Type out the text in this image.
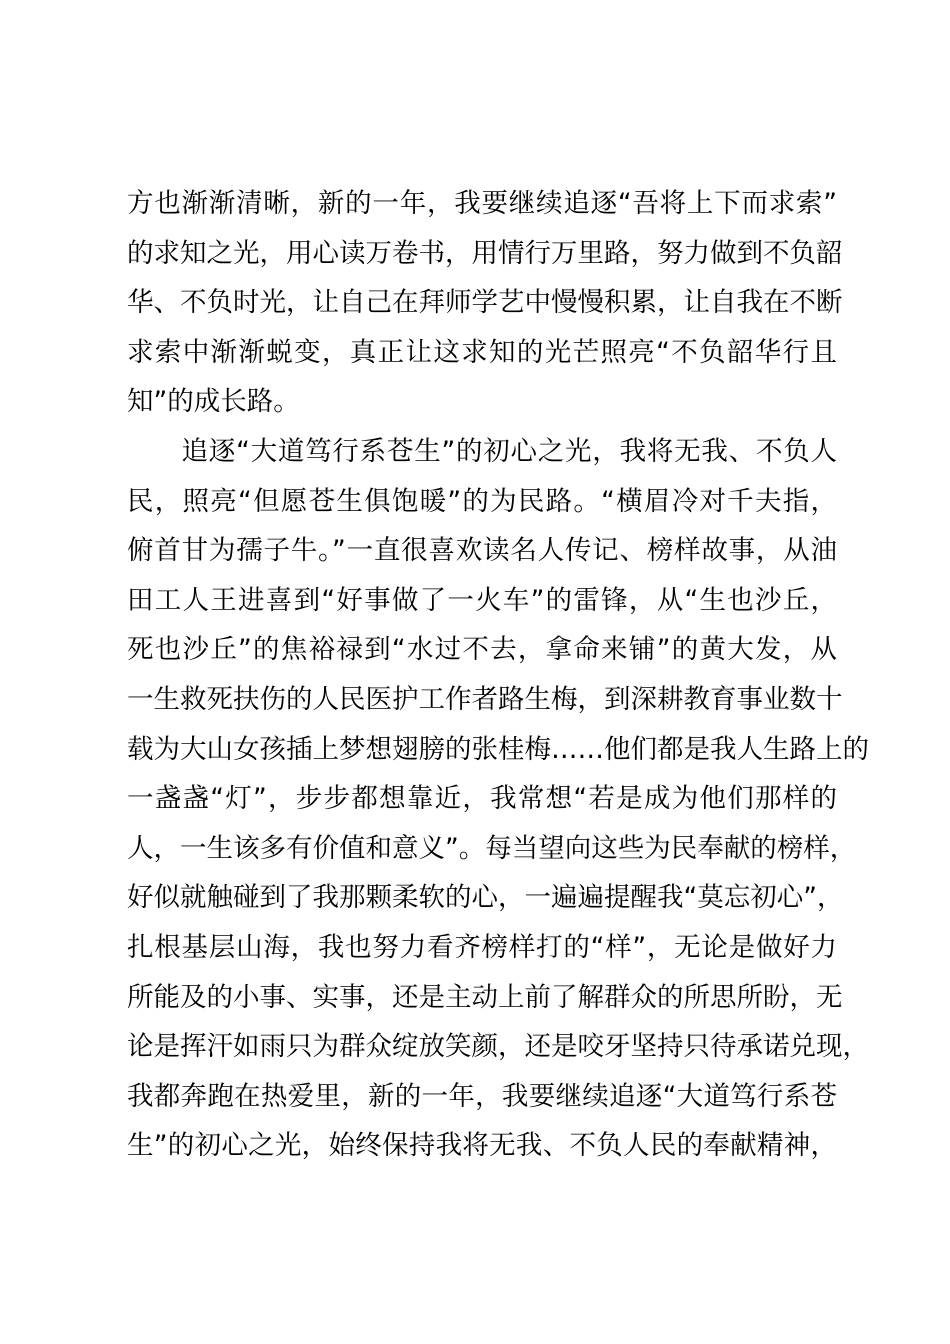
方也渐渐清晰，新的一年，我要继续追逐“吾将上下而求索”
的求知之光，用心读万卷书，用情行万里路，努力做到不负韶
华、不负时光，让自己在拜师学艺中慢慢积累，让自我在不断
求索中渐渐蜕变，真正让这求知的光芒照亮“不负韶华行且
知”的成长路。
　　追逐“大道笃行系苍生”的初心之光，我将无我、不负人
民，照亮“但愿苍生俱饱暖”的为民路。“横眉冷对千夫指，
俯首甘为孺子牛。”一直很喜欢读名人传记、榜样故事，从油
田工人王进喜到“好事做了一火车”的雷锋，从“生也沙丘，
死也沙丘”的焦裕禄到“水过不去，拿命来铺”的黄大发，从
一生救死扶伤的人民医护工作者路生梅，到深耕教育事业数十
载为大山女孩插上梦想翅膀的张桂梅……他们都是我人生路上的
一盏盏“灯”，步步都想靠近，我常想“若是成为他们那样的
人，一生该多有价值和意义”。每当望向这些为民奉献的榜样，
好似就触碰到了我那颗柔软的心，一遍遍提醒我“莫忘初心”，
扎根基层山海，我也努力看齐榜样打的“样”，无论是做好力
所能及的小事、实事，还是主动上前了解群众的所思所盼，无
论是挥汗如雨只为群众绽放笑颜，还是咬牙坚持只待承诺兑现，
我都奔跑在热爱里，新的一年，我要继续追逐“大道笃行系苍
生”的初心之光，始终保持我将无我、不负人民的奉献精神，
